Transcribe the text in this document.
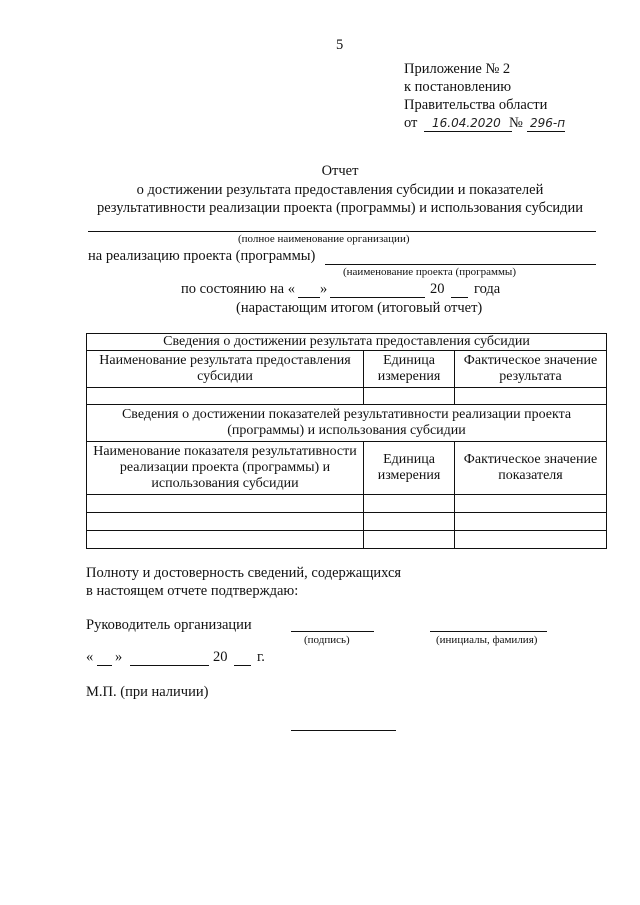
5
Приложение № 2
к постановлению
Правительства области
от 16.04.2020 № 296-п
Отчет
о достижении результата предоставления субсидии и показателей
результативности реализации проекта (программы) и использования субсидии
(полное наименование организации)
на реализацию проекта (программы)
(наименование проекта (программы)
по состоянию на « »	20 года
(нарастающим итогом (итоговый отчет)
Сведения о достижении результата предоставления субсидии		
Наименование результата предоставления субсидии	Единица измерения	Фактическое значение результата

Сведения о достижении показателей результативности реализации проекта (программы) и использования субсидии		
Наименование показателя результативности реализации проекта (программы) и использования субсидии	Единица измерения	Фактическое значение показателя

Полноту и достоверность сведений, содержащихся
в настоящем отчете подтверждаю:
Руководитель организации
(подпись)	(инициалы, фамилия)
« »	20 г.
М.П. (при наличии)
